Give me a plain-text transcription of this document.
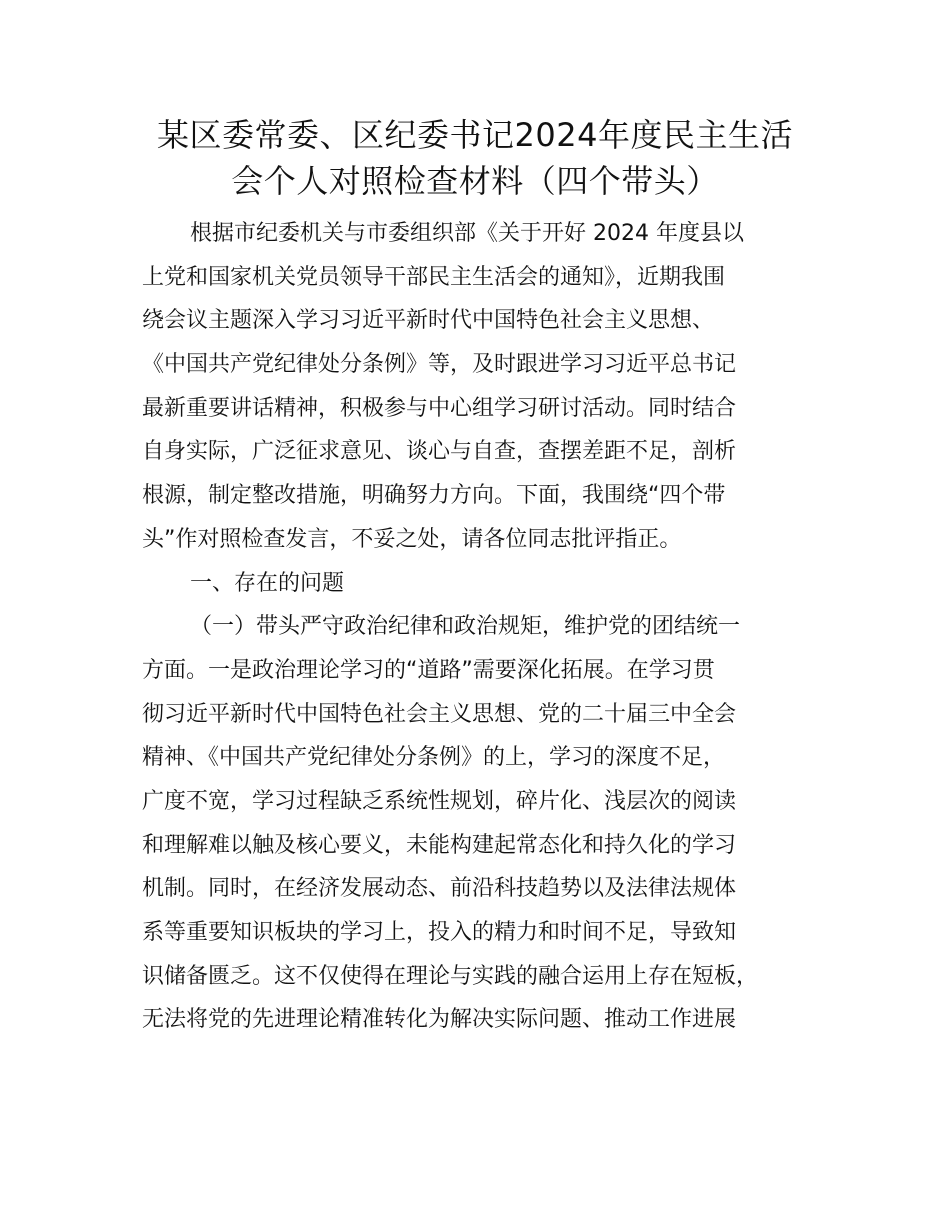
某区委常委、区纪委书记2024年度民主生活
会个人对照检查材料（四个带头）
根据市纪委机关与市委组织部《关于开好 2024 年度县以
上党和国家机关党员领导干部民主生活会的通知》，近期我围
绕会议主题深入学习习近平新时代中国特色社会主义思想、
《中国共产党纪律处分条例》等，及时跟进学习习近平总书记
最新重要讲话精神，积极参与中心组学习研讨活动。同时结合
自身实际，广泛征求意见、谈心与自查，查摆差距不足，剖析
根源，制定整改措施，明确努力方向。下面，我围绕“四个带
头”作对照检查发言，不妥之处，请各位同志批评指正。
一、存在的问题
（一）带头严守政治纪律和政治规矩，维护党的团结统一
方面。一是政治理论学习的“道路”需要深化拓展。在学习贯
彻习近平新时代中国特色社会主义思想、党的二十届三中全会
精神、《中国共产党纪律处分条例》的上，学习的深度不足，
广度不宽，学习过程缺乏系统性规划，碎片化、浅层次的阅读
和理解难以触及核心要义，未能构建起常态化和持久化的学习
机制。同时，在经济发展动态、前沿科技趋势以及法律法规体
系等重要知识板块的学习上，投入的精力和时间不足，导致知
识储备匮乏。这不仅使得在理论与实践的融合运用上存在短板，
无法将党的先进理论精准转化为解决实际问题、推动工作进展
